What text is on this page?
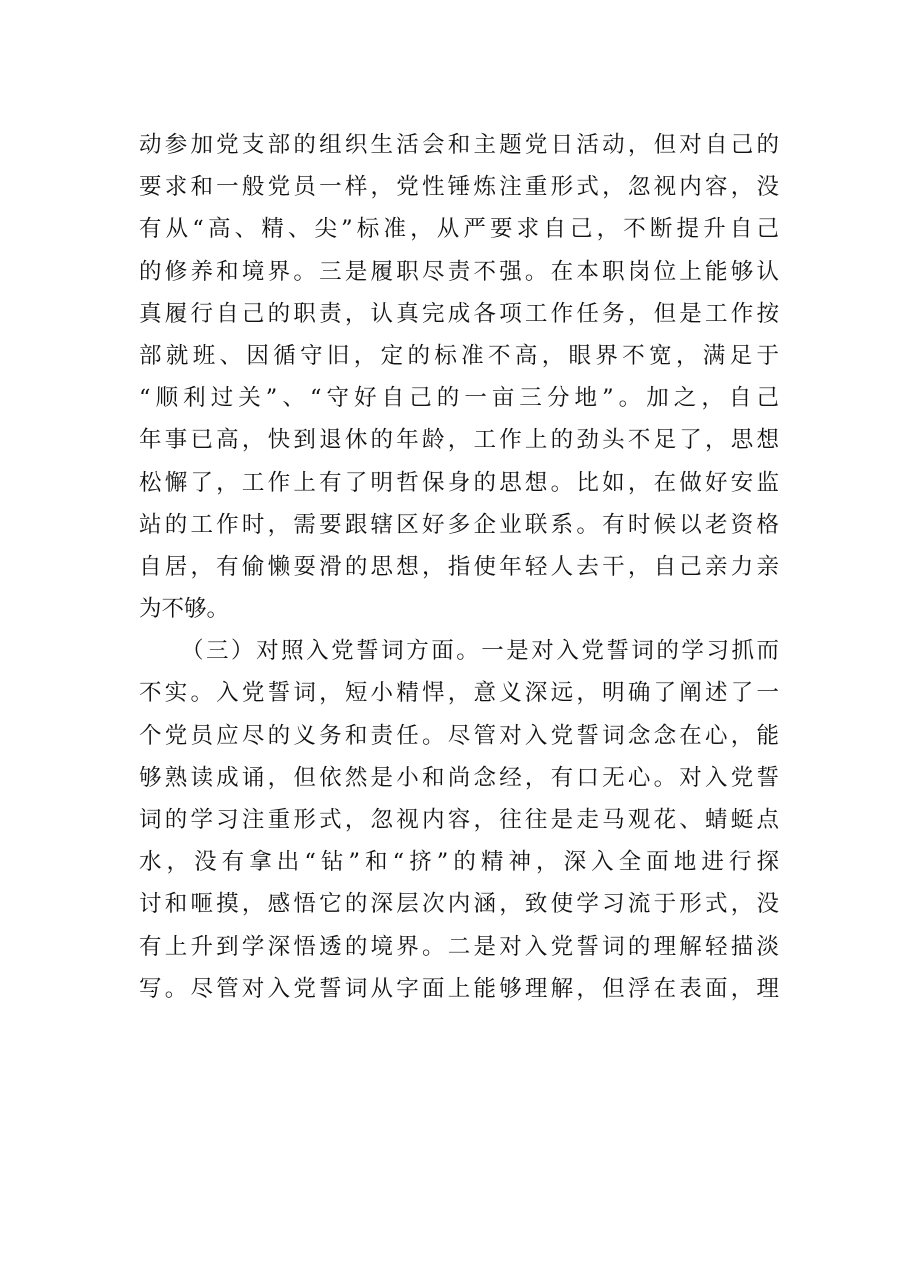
动参加党支部的组织生活会和主题党日活动，但对自己的
要求和一般党员一样，党性锤炼注重形式，忽视内容，没
有从“高、精、尖”标准，从严要求自己，不断提升自己
的修养和境界。三是履职尽责不强。在本职岗位上能够认
真履行自己的职责，认真完成各项工作任务，但是工作按
部就班、因循守旧，定的标准不高，眼界不宽，满足于
“顺利过关”、“守好自己的一亩三分地”。加之，自己
年事已高，快到退休的年龄，工作上的劲头不足了，思想
松懈了，工作上有了明哲保身的思想。比如，在做好安监
站的工作时，需要跟辖区好多企业联系。有时候以老资格
自居，有偷懒耍滑的思想，指使年轻人去干，自己亲力亲
为不够。
（三）对照入党誓词方面。一是对入党誓词的学习抓而
不实。入党誓词，短小精悍，意义深远，明确了阐述了一
个党员应尽的义务和责任。尽管对入党誓词念念在心，能
够熟读成诵，但依然是小和尚念经，有口无心。对入党誓
词的学习注重形式，忽视内容，往往是走马观花、蜻蜓点
水，没有拿出“钻”和“挤”的精神，深入全面地进行探
讨和咂摸，感悟它的深层次内涵，致使学习流于形式，没
有上升到学深悟透的境界。二是对入党誓词的理解轻描淡
写。尽管对入党誓词从字面上能够理解，但浮在表面，理
